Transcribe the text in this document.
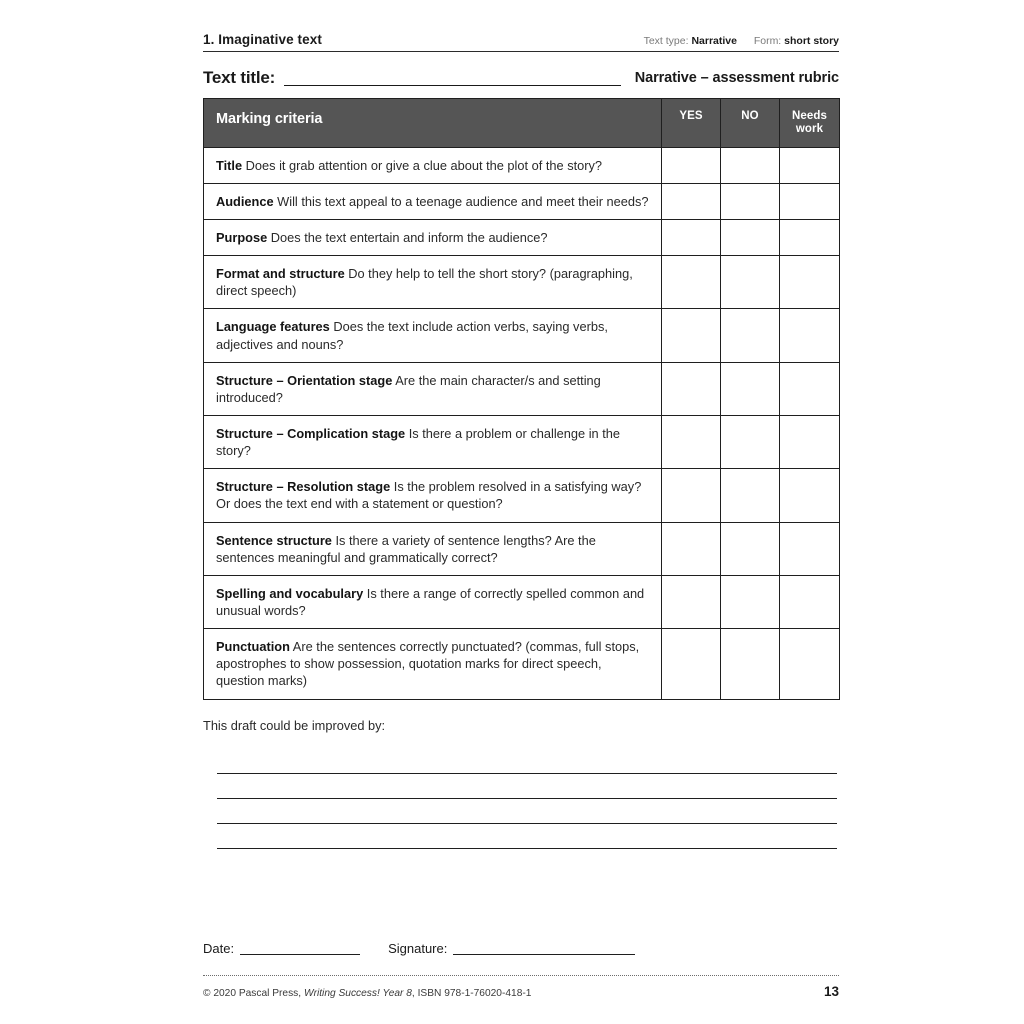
1. Imaginative text	Text type: Narrative Form: short story
Text title:	Narrative – assessment rubric
Marking criteria	YES	NO	Needs
work
Title Does it grab attention or give a clue about the plot of the story?			
Audience Will this text appeal to a teenage audience and meet their needs?			
Purpose Does the text entertain and inform the audience?			
Format and structure Do they help to tell the short story? (paragraphing, direct speech)			
Language features Does the text include action verbs, saying verbs, adjectives and nouns?			
Structure – Orientation stage Are the main character/s and setting introduced?			
Structure – Complication stage Is there a problem or challenge in the story?			
Structure – Resolution stage Is the problem resolved in a satisfying way? Or does the text end with a statement or question?			
Sentence structure Is there a variety of sentence lengths? Are the sentences meaningful and grammatically correct?			
Spelling and vocabulary Is there a range of correctly spelled common and unusual words?			
Punctuation Are the sentences correctly punctuated? (commas, full stops, apostrophes to show possession, quotation marks for direct speech, question marks)			
This draft could be improved by:
Date:	Signature:
© 2020 Pascal Press, Writing Success! Year 8, ISBN 978-1-76020-418-1	13
